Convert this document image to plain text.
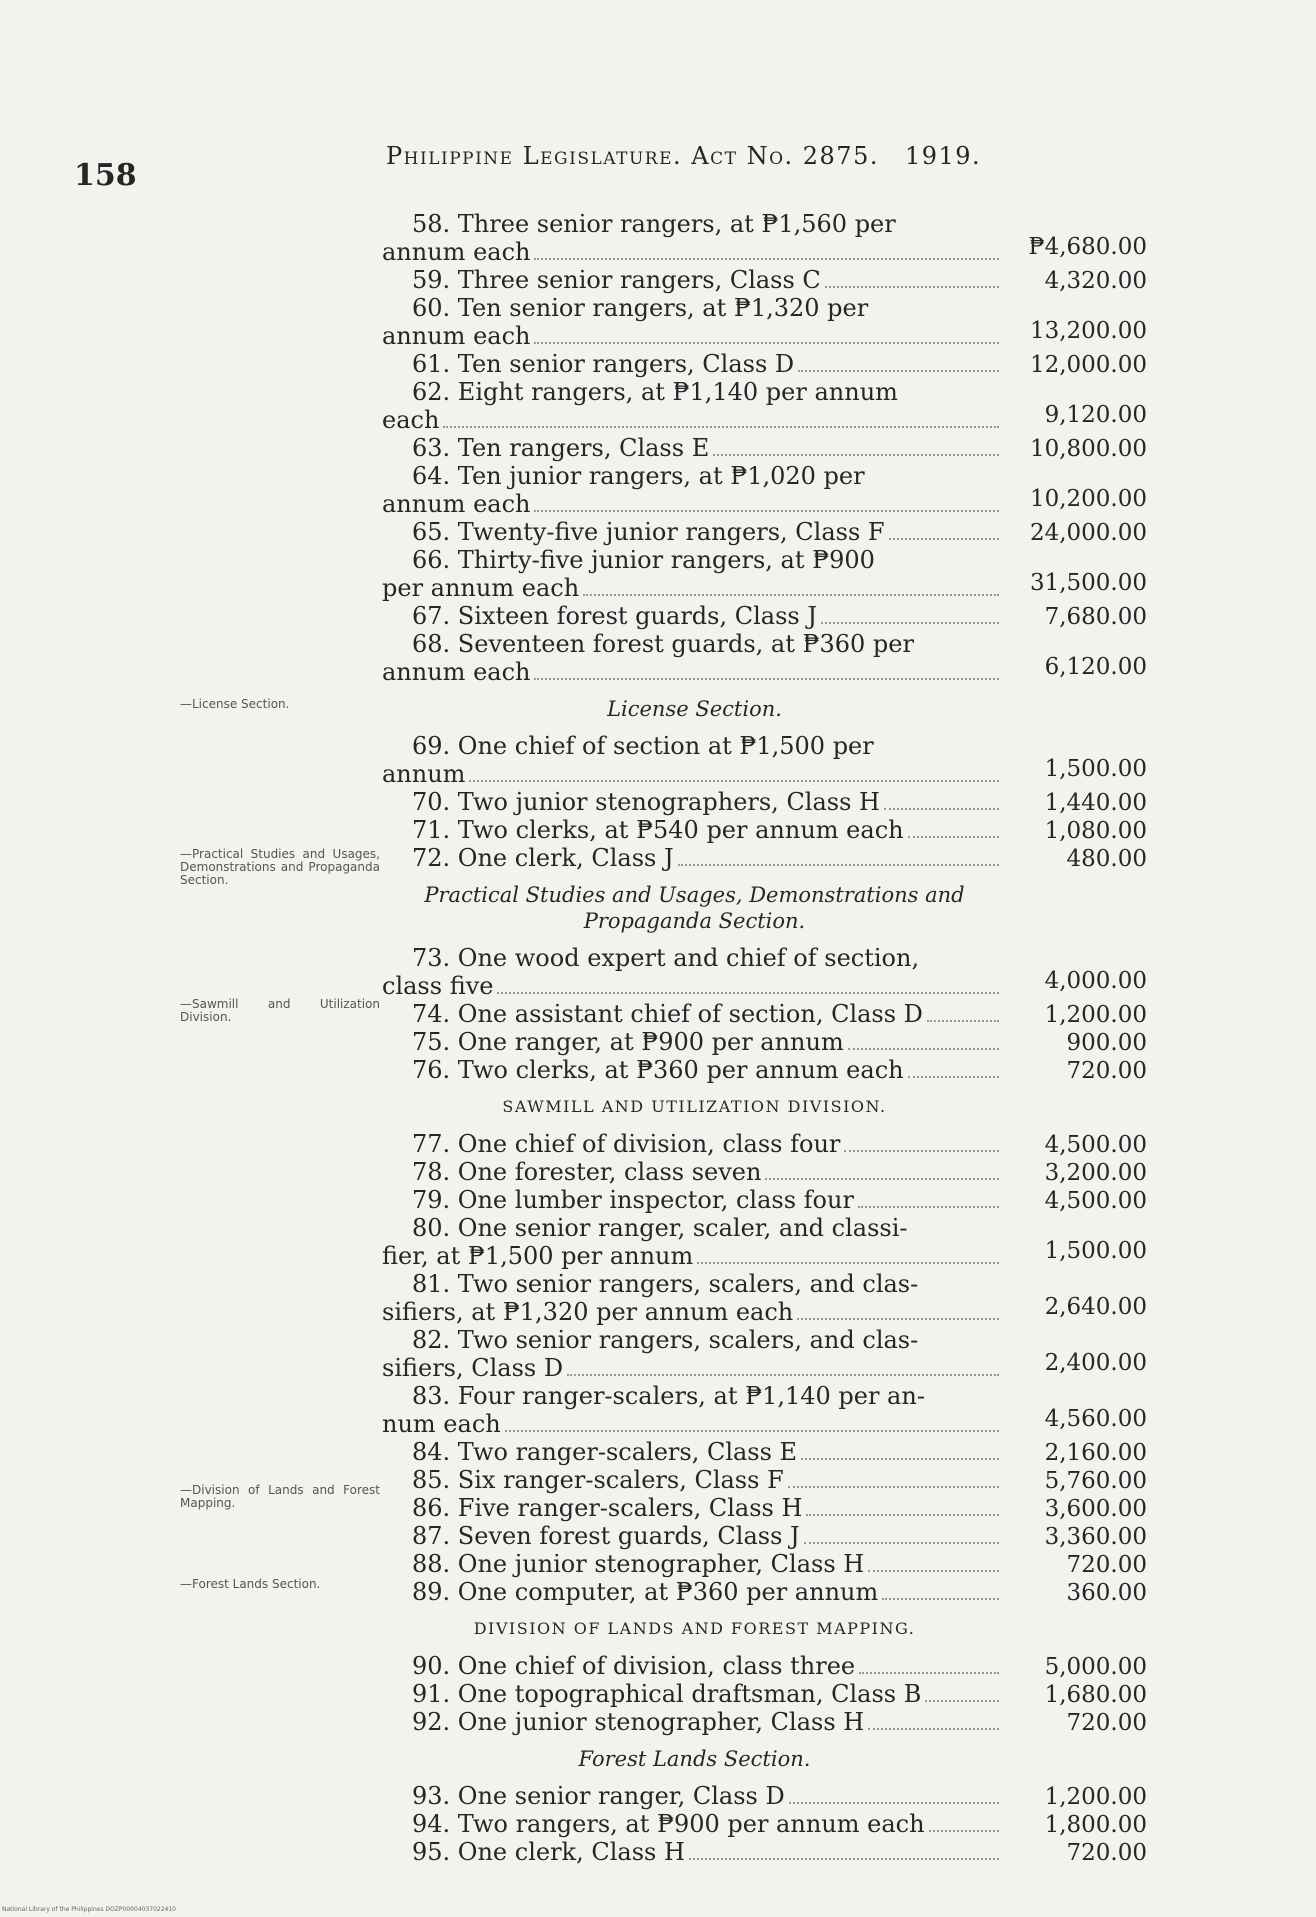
158
Philippine Legislature. Act No. 2875. 1919.
58. Three senior rangers, at ₱1,560 per
annum each	₱4,680.00
59. Three senior rangers, Class C	4,320.00
60. Ten senior rangers, at ₱1,320 per
annum each	13,200.00
61. Ten senior rangers, Class D	12,000.00
62. Eight rangers, at ₱1,140 per annum
each	9,120.00
63. Ten rangers, Class E	10,800.00
64. Ten junior rangers, at ₱1,020 per
annum each	10,200.00
65. Twenty-five junior rangers, Class F	24,000.00
66. Thirty-five junior rangers, at ₱900
per annum each	31,500.00
67. Sixteen forest guards, Class J	7,680.00
68. Seventeen forest guards, at ₱360 per
annum each	6,120.00
License Section.
69. One chief of section at ₱1,500 per
annum	1,500.00
70. Two junior stenographers, Class H	1,440.00
71. Two clerks, at ₱540 per annum each	1,080.00
72. One clerk, Class J	480.00
Practical Studies and Usages, Demonstrations and Propaganda Section.
73. One wood expert and chief of section,
class five	4,000.00
74. One assistant chief of section, Class D	1,200.00
75. One ranger, at ₱900 per annum	900.00
76. Two clerks, at ₱360 per annum each	720.00
SAWMILL AND UTILIZATION DIVISION.
77. One chief of division, class four	4,500.00
78. One forester, class seven	3,200.00
79. One lumber inspector, class four	4,500.00
80. One senior ranger, scaler, and classi-
fier, at ₱1,500 per annum	1,500.00
81. Two senior rangers, scalers, and clas-
sifiers, at ₱1,320 per annum each	2,640.00
82. Two senior rangers, scalers, and clas-
sifiers, Class D	2,400.00
83. Four ranger-scalers, at ₱1,140 per an-
num each	4,560.00
84. Two ranger-scalers, Class E	2,160.00
85. Six ranger-scalers, Class F	5,760.00
86. Five ranger-scalers, Class H	3,600.00
87. Seven forest guards, Class J	3,360.00
88. One junior stenographer, Class H	720.00
89. One computer, at ₱360 per annum	360.00
DIVISION OF LANDS AND FOREST MAPPING.
90. One chief of division, class three	5,000.00
91. One topographical draftsman, Class B	1,680.00
92. One junior stenographer, Class H	720.00
Forest Lands Section.
93. One senior ranger, Class D	1,200.00
94. Two rangers, at ₱900 per annum each	1,800.00
95. One clerk, Class H	720.00
National Library of the Philippines DOZP00004037022410
—License Section.
—Practical Studies and Usages, Demonstrations and Propaganda Section.
—Sawmill and Utilization Division.
—Division of Lands and Forest Mapping.
—Forest Lands Section.
